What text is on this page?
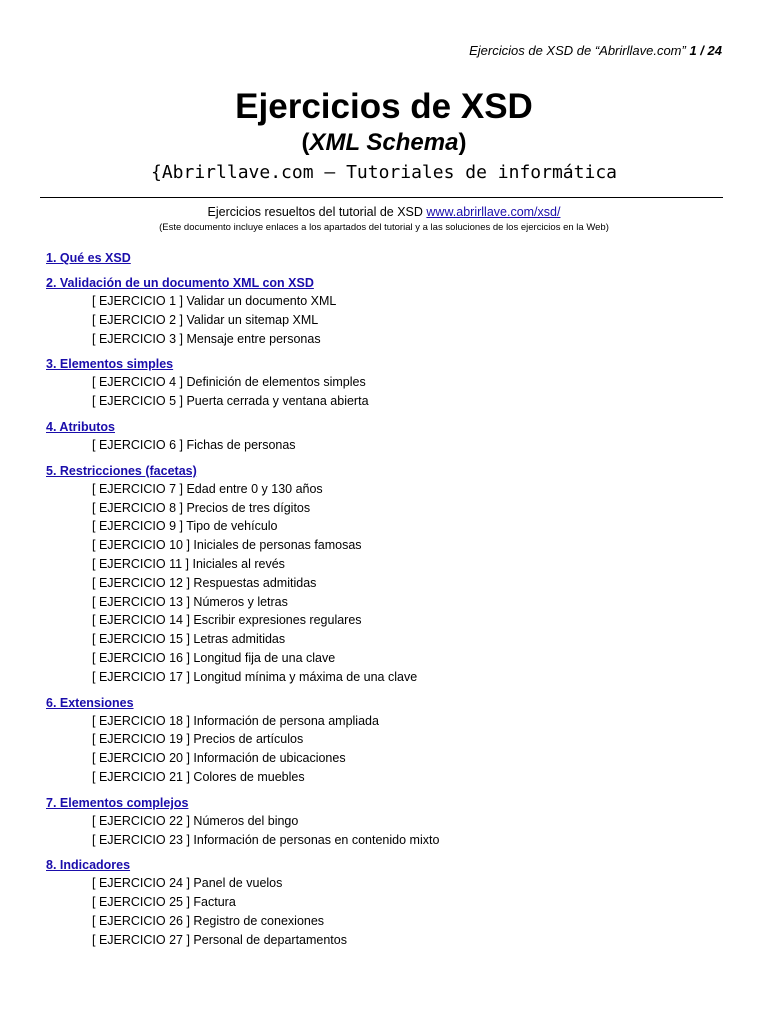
Ejercicios de XSD de “Abrirllave.com” 1 / 24
Ejercicios de XSD
(XML Schema)
{Abrirllave.com – Tutoriales de informática
Ejercicios resueltos del tutorial de XSD www.abrirllave.com/xsd/
(Este documento incluye enlaces a los apartados del tutorial y a las soluciones de los ejercicios en la Web)
1. Qué es XSD
2. Validación de un documento XML con XSD
[ EJERCICIO 1 ] Validar un documento XML
[ EJERCICIO 2 ] Validar un sitemap XML
[ EJERCICIO 3 ] Mensaje entre personas
3. Elementos simples
[ EJERCICIO 4 ] Definición de elementos simples
[ EJERCICIO 5 ] Puerta cerrada y ventana abierta
4. Atributos
[ EJERCICIO 6 ] Fichas de personas
5. Restricciones (facetas)
[ EJERCICIO 7 ] Edad entre 0 y 130 años
[ EJERCICIO 8 ] Precios de tres dígitos
[ EJERCICIO 9 ] Tipo de vehículo
[ EJERCICIO 10 ] Iniciales de personas famosas
[ EJERCICIO 11 ] Iniciales al revés
[ EJERCICIO 12 ] Respuestas admitidas
[ EJERCICIO 13 ] Números y letras
[ EJERCICIO 14 ] Escribir expresiones regulares
[ EJERCICIO 15 ] Letras admitidas
[ EJERCICIO 16 ] Longitud fija de una clave
[ EJERCICIO 17 ] Longitud mínima y máxima de una clave
6. Extensiones
[ EJERCICIO 18 ] Información de persona ampliada
[ EJERCICIO 19 ] Precios de artículos
[ EJERCICIO 20 ] Información de ubicaciones
[ EJERCICIO 21 ] Colores de muebles
7. Elementos complejos
[ EJERCICIO 22 ] Números del bingo
[ EJERCICIO 23 ] Información de personas en contenido mixto
8. Indicadores
[ EJERCICIO 24 ] Panel de vuelos
[ EJERCICIO 25 ] Factura
[ EJERCICIO 26 ] Registro de conexiones
[ EJERCICIO 27 ] Personal de departamentos
